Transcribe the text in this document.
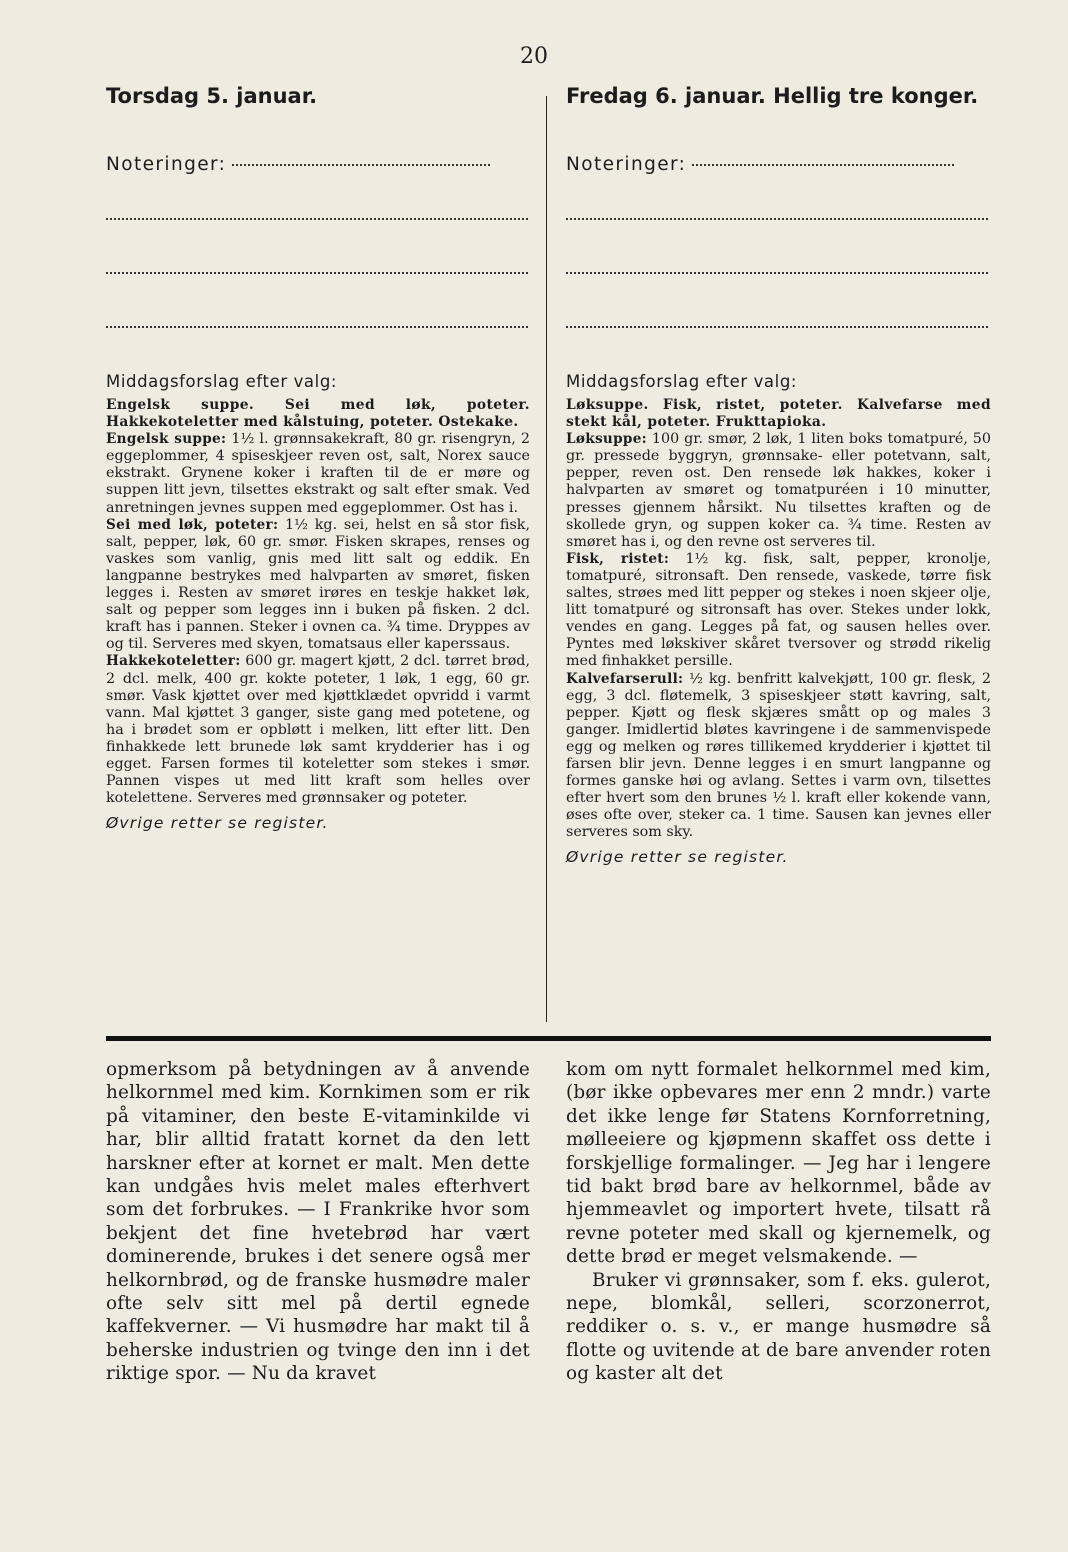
20
Torsdag 5. januar.
Noteringer:
Middagsforslag efter valg:
Engelsk suppe. Sei med løk, poteter. Hakkekoteletter med kålstuing, poteter. Ostekake.

Engelsk suppe: 1½ l. grønnsakekraft, 80 gr. risengryn, 2 eggeplommer, 4 spiseskjeer reven ost, salt, Norex sauce ekstrakt. Grynene koker i kraften til de er møre og suppen litt jevn, tilsettes ekstrakt og salt efter smak. Ved anretningen jevnes suppen med eggeplommer. Ost has i.

Sei med løk, poteter: 1½ kg. sei, helst en så stor fisk, salt, pepper, løk, 60 gr. smør. Fisken skrapes, renses og vaskes som vanlig, gnis med litt salt og eddik. En langpanne bestrykes med halvparten av smøret, fisken legges i. Resten av smøret irøres en teskje hakket løk, salt og pepper som legges inn i buken på fisken. 2 dcl. kraft has i pannen. Steker i ovnen ca. ¾ time. Dryppes av og til. Serveres med skyen, tomatsaus eller kaperssaus.

Hakkekoteletter: 600 gr. magert kjøtt, 2 dcl. tørret brød, 2 dcl. melk, 400 gr. kokte poteter, 1 løk, 1 egg, 60 gr. smør. Vask kjøttet over med kjøttklædet opvridd i varmt vann. Mal kjøttet 3 ganger, siste gang med potetene, og ha i brødet som er opbløtt i melken, litt efter litt. Den finhakkede lett brunede løk samt krydderier has i og egget. Farsen formes til koteletter som stekes i smør. Pannen vispes ut med litt kraft som helles over kotelettene. Serveres med grønnsaker og poteter.

Øvrige retter se register.
Fredag 6. januar. Hellig tre konger.
Noteringer:
Middagsforslag efter valg:
Løksuppe. Fisk, ristet, poteter. Kalvefarse med stekt kål, poteter. Frukttapioka.

Løksuppe: 100 gr. smør, 2 løk, 1 liten boks tomatpuré, 50 gr. pressede byggryn, grønnsake- eller potetvann, salt, pepper, reven ost. Den rensede løk hakkes, koker i halvparten av smøret og tomatpuréen i 10 minutter, presses gjennem hårsikt. Nu tilsettes kraften og de skollede gryn, og suppen koker ca. ¾ time. Resten av smøret has i, og den revne ost serveres til.

Fisk, ristet: 1½ kg. fisk, salt, pepper, kronolje, tomatpuré, sitronsaft. Den rensede, vaskede, tørre fisk saltes, strøes med litt pepper og stekes i noen skjeer olje, litt tomatpuré og sitronsaft has over. Stekes under lokk, vendes en gang. Legges på fat, og sausen helles over. Pyntes med løkskiver skåret tversover og strødd rikelig med finhakket persille.

Kalvefarserull: ½ kg. benfritt kalvekjøtt, 100 gr. flesk, 2 egg, 3 dcl. fløtemelk, 3 spiseskjeer støtt kavring, salt, pepper. Kjøtt og flesk skjæres smått op og males 3 ganger. Imidlertid bløtes kavringene i de sammenvispede egg og melken og røres tillikemed krydderier i kjøttet til farsen blir jevn. Denne legges i en smurt langpanne og formes ganske høi og avlang. Settes i varm ovn, tilsettes efter hvert som den brunes ½ l. kraft eller kokende vann, øses ofte over, steker ca. 1 time. Sausen kan jevnes eller serveres som sky.

Øvrige retter se register.

opmerksom på betydningen av å anvende helkornmel med kim. Kornkimen som er rik på vitaminer, den beste E-vitaminkilde vi har, blir alltid fratatt kornet da den lett harskner efter at kornet er malt. Men dette kan undgåes hvis melet males efterhvert som det forbrukes. — I Frankrike hvor som bekjent det fine hvetebrød har vært dominerende, brukes i det senere også mer helkornbrød, og de franske husmødre maler ofte selv sitt mel på dertil egnede kaffekverner. — Vi husmødre har makt til å beherske industrien og tvinge den inn i det riktige spor. — Nu da kravet

kom om nytt formalet helkornmel med kim, (bør ikke opbevares mer enn 2 mndr.) varte det ikke lenge før Statens Kornforretning, mølleeiere og kjøpmenn skaffet oss dette i forskjellige formalinger. — Jeg har i lengere tid bakt brød bare av helkornmel, både av hjemmeavlet og importert hvete, tilsatt rå revne poteter med skall og kjernemelk, og dette brød er meget velsmakende. —

Bruker vi grønnsaker, som f. eks. gulerot, nepe, blomkål, selleri, scorzonerrot, reddiker o. s. v., er mange husmødre så flotte og uvitende at de bare anvender roten og kaster alt det
